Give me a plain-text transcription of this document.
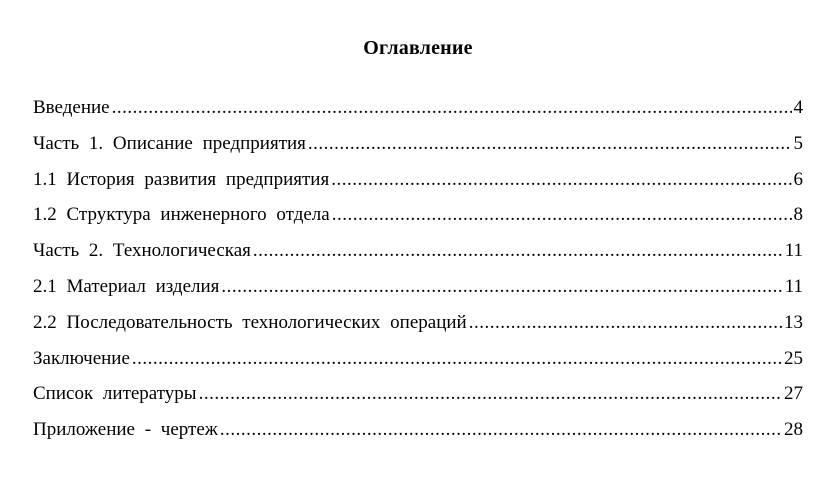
Оглавление
Введение .....	4
Часть 1. Описание предприятия .....	5
1.1 История развития предприятия .....	6
1.2 Структура инженерного отдела .....	8
Часть 2. Технологическая .....	11
2.1 Материал изделия .....	11
2.2 Последовательность технологических операций .....	13
Заключение .....	25
Список литературы .....	27
Приложение - чертеж .....	28
